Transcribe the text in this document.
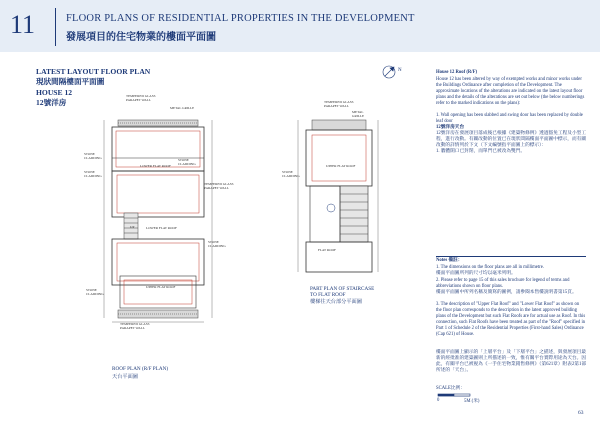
11	FLOOR PLANS OF RESIDENTIAL PROPERTIES IN THE DEVELOPMENT
發展項目的住宅物業的樓面平面圖
LATEST LAYOUT FLOOR PLAN
現狀間隔樓面平面圖
HOUSE 12
12號洋房
TEMPERED GLASS PARAPET WALL
METAL GRILLE
STONE CLADDING
STONE CLADDING
STONE CLADDING
LOWER FLAT ROOF
LOWER FLAT ROOF
TEMPERED GLASS PARAPET WALL
STONE CLADDING
UPPER FLAT ROOF
STONE CLADDING
TEMPERED GLASS PARAPET WALL
UP
TEMPERED GLASS PARAPET WALL
METAL GRILLE
STONE CLADDING
UPPER FLAT ROOF
FLAT ROOF
ROOF PLAN (R/F PLAN)
天台平面圖
PART PLAN OF STAIRCASE
TO FLAT ROOF
樓梯往天台部分平面圖
N	House 12 Roof (R/F)
House 12 has been altered by way of exempted works and minor works under the Buildings Ordinance after completion of the Development. The approximate locations of the alterations are indicated on the latest layout floor plans and the details of the alterations are set out below (the below numberings refer to the marked indications on the plans):
1. Wall opening has been slabbed and swing door has been replaced by double leaf door
12號洋房天台
12號洋房在發展項目落成後已根據《建築物條例》透過豁免工程及小型工程，進行改動。有關改動的位置已在現狀間隔樓面平面圖中標示，而有關改動的詳情列於下文（下文編號指平面圖上的標示）：
1. 牆體開口已封閉，而單門已被改為雙門。
Notes 備註：
1. The dimensions on the floor plans are all in millimetre.
樓面平面圖所列的尺寸均以毫米列明。
2. Please refer to page 15 of this sales brochure for legend of terms and abbreviations shown on floor plans.
樓面平面圖中所列名稱及簡寫的圖例，請參閱本售樓說明書第15頁。
3. The description of "Upper Flat Roof" and "Lower Flat Roof" as shown on the floor plan corresponds to the description in the latest approved building plans of the Development but such Flat Roofs are for actual use as Roof. In this connection, such Flat Roofs have been treated as part of the "Roof" specified in Part 1 of Schedule 2 of the Residential Properties (First-hand Sales) Ordinance (Cap 621) of House.
樓面平面圖上顯示的「上層平台」及「下層平台」之描述，與發展項目最新的經批准的建築圖則上所描述的一致，惟有關平台實際用途為天台。因此，有關平台已被視為《一手住宅物業銷售條例》（第621章）附表2第1部所述的「天台」。
SCALE比例：
0	5M (米)
63
